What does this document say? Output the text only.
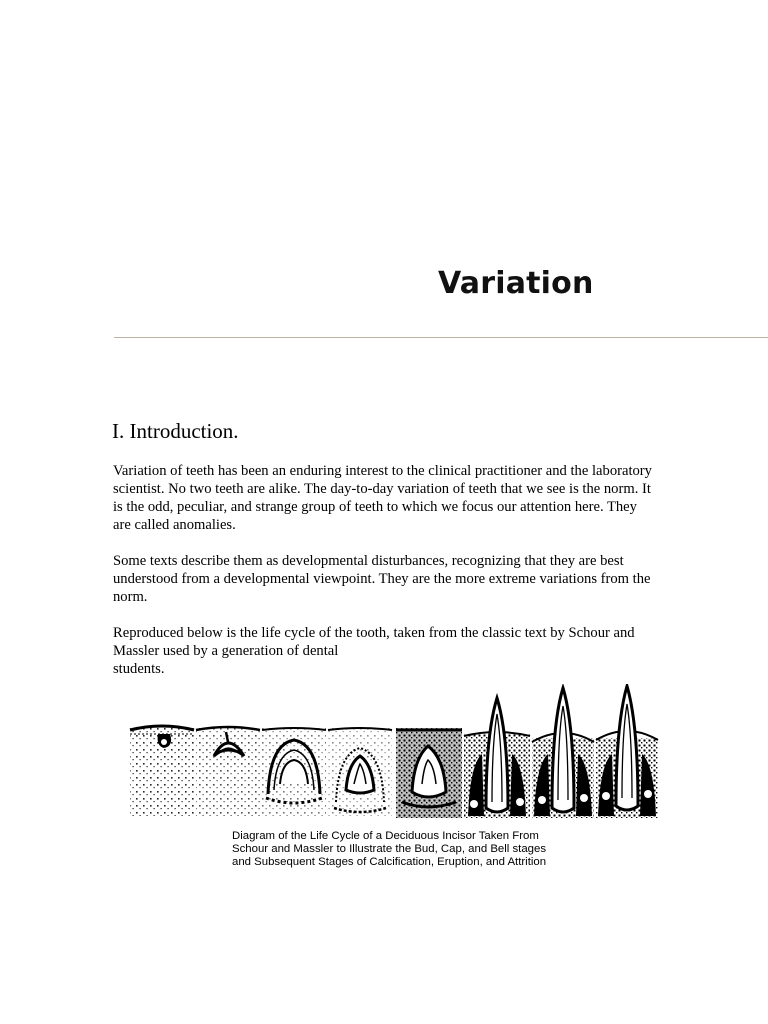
Variation
I. Introduction.

Variation of teeth has been an enduring interest to the clinical practitioner and the laboratory scientist. No two teeth are alike. The day-to-day variation of teeth that we see is the norm. It is the odd, peculiar, and strange group of teeth to which we focus our attention here. They are called anomalies.

Some texts describe them as developmental disturbances, recognizing that they are best understood from a developmental viewpoint. They are the more extreme variations from the norm.

Reproduced below is the life cycle of the tooth, taken from the classic text by Schour and Massler used by a generation of dental
students.

Diagram of the Life Cycle of a Deciduous Incisor Taken From
Schour and Massler to Illustrate the Bud, Cap, and Bell stages
and Subsequent Stages of Calcification, Eruption, and Attrition
